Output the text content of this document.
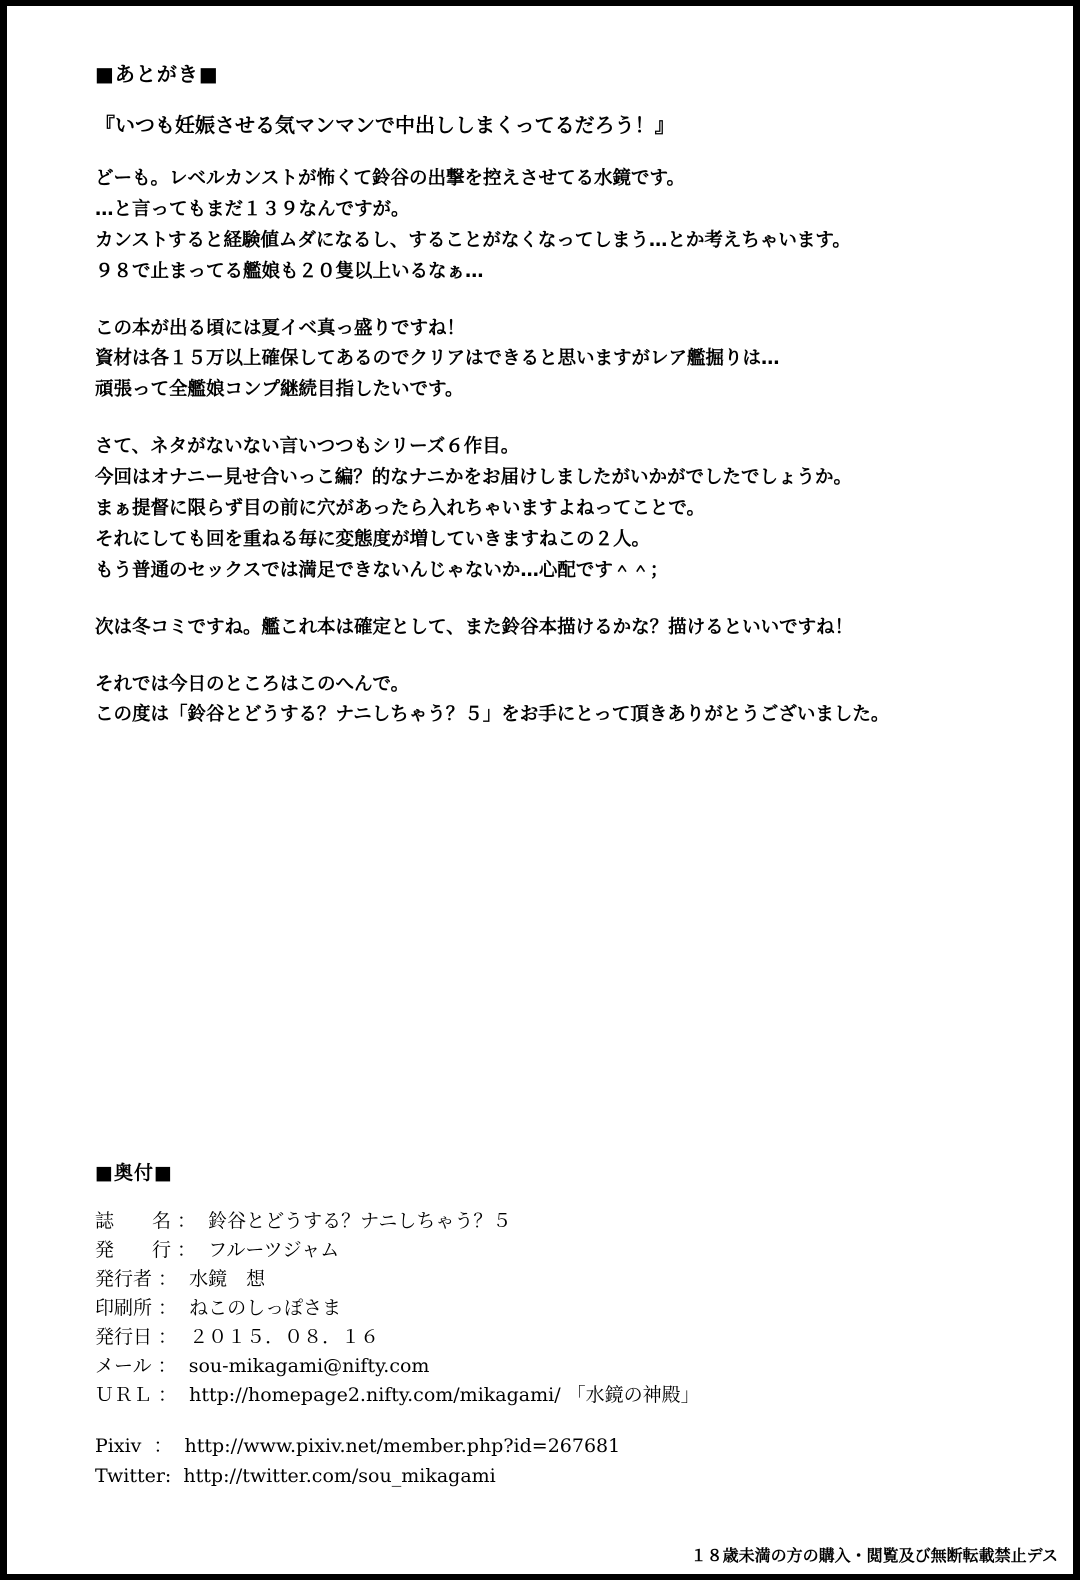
■あとがき■
『いつも妊娠させる気マンマンで中出ししまくってるだろう！』
どーも。レベルカンストが怖くて鈴谷の出撃を控えさせてる水鏡です。
…と言ってもまだ１３９なんですが。
カンストすると経験値ムダになるし、することがなくなってしまう…とか考えちゃいます。
９８で止まってる艦娘も２０隻以上いるなぁ…
この本が出る頃には夏イベ真っ盛りですね！
資材は各１５万以上確保してあるのでクリアはできると思いますがレア艦掘りは…
頑張って全艦娘コンプ継続目指したいです。
さて、ネタがないない言いつつもシリーズ６作目。
今回はオナニー見せ合いっこ編？的なナニかをお届けしましたがいかがでしたでしょうか。
まぁ提督に限らず目の前に穴があったら入れちゃいますよねってことで。
それにしても回を重ねる毎に変態度が増していきますねこの２人。
もう普通のセックスでは満足できないんじゃないか…心配です＾＾；
次は冬コミですね。艦これ本は確定として、また鈴谷本描けるかな？描けるといいですね！
それでは今日のところはこのへんで。
この度は「鈴谷とどうする？ナニしちゃう？５」をお手にとって頂きありがとうございました。
■奥付■
誌　　名 ：  鈴谷とどうする？ナニしちゃう？５
発　　行 ：  フルーツジャム
発行者 ：  水鏡　想
印刷所 ：  ねこのしっぽさま
発行日 ：  ２０１５．０８．１６
メール ：  sou-mikagami@nifty.com
ＵＲＬ ：  http://homepage2.nifty.com/mikagami/ 「水鏡の神殿」
Pixiv  ：  http://www.pixiv.net/member.php?id=267681
Twitter:  http://twitter.com/sou_mikagami
１８歳未満の方の購入・閲覧及び無断転載禁止デス
